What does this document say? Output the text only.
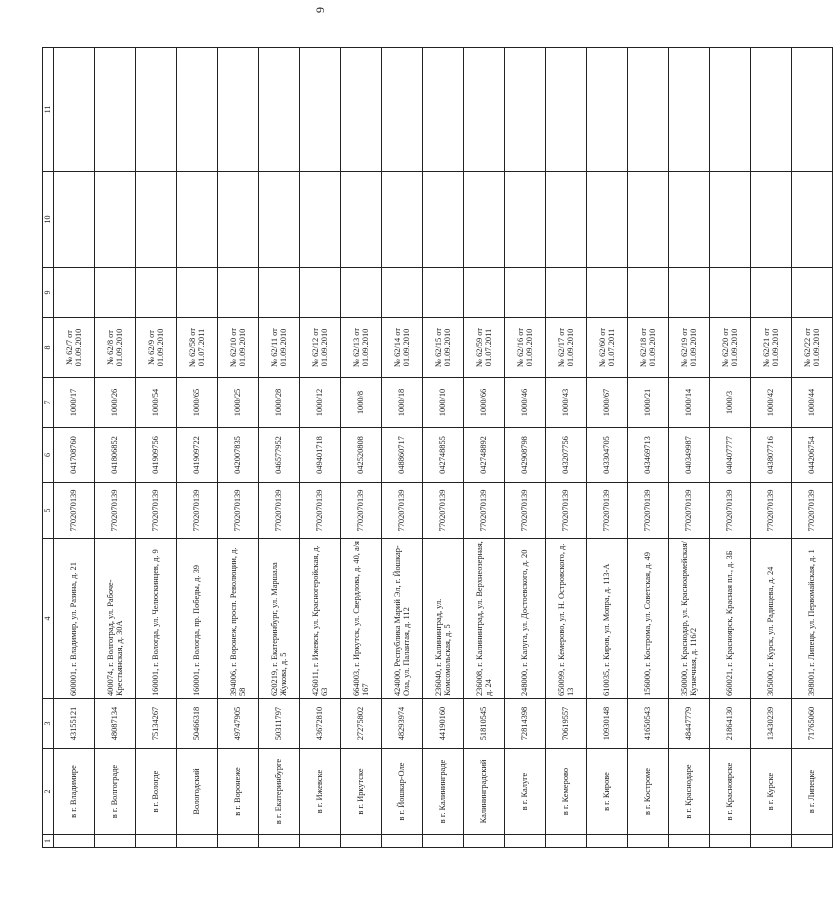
9
1	2	3	4	5	6	7	8	9	10	11
	в г. Владимире	43155121	600001, г. Владимир, ул. Разина, д. 21	7702070139	041708760	1000/17	№ 62/7 от 01.09.2010			
	в г. Волгограде	48087134	400074, г. Волгоград, ул. Рабоче-Крестьянская, д. 30А	7702070139	041806852	1000/26	№ 62/8 от 01.09.2010			
	в г. Вологде	75134267	160001, г. Вологда, ул. Челюскинцев, д. 9	7702070139	041909756	1000/54	№ 62/9 от 01.09.2010			
	Вологодский	50466318	160001, г. Вологда, пр. Победы, д. 39	7702070139	041909722	1000/65	№ 62/58 от 01.07.2011			
	в г. Воронеже	49747905	394006, г. Воронеж, просп. Революции, д. 58	7702070139	042007835	1000/25	№ 62/10 от 01.09.2010			
	в г. Екатеринбурге	50311797	620219, г. Екатеринбург, ул. Маршала Жукова, д. 5	7702070139	046577952	1000/28	№ 62/11 от 01.09.2010			
	в г. Ижевске	43672810	426011, г. Ижевск, ул. Красногеройская, д. 63	7702070139	049401718	1000/12	№ 62/12 от 01.09.2010			
	в г. Иркутске	27275802	664003, г. Иркутск, ул. Свердлова, д. 40, а/я 167	7702070139	042520808	1000/8	№ 62/13 от 01.09.2010			
	в г. Йошкар-Оле	48293974	424000, Республика Марий Эл, г. Йошкар-Ола, ул. Палантая, д. 112	7702070139	048860717	1000/18	№ 62/14 от 01.09.2010			
	в г. Калининграде	44190160	236040, г. Калининград, ул. Комсомольская, д. 5	7702070139	042748855	1000/10	№ 62/15 от 01.09.2010			
	Калининградский	51810545	236008, г. Калининград, ул. Верхнеозерная, д. 24	7702070139	042748892	1000/66	№ 62/59 от 01.07.2011			
	в г. Калуге	72814398	248000, г. Калуга, ул. Достоевского, д. 20	7702070139	042908798	1000/46	№ 62/16 от 01.09.2010			
	в г. Кемерово	70619557	650099, г. Кемерово, ул. Н. Островского, д. 13	7702070139	043207756	1000/43	№ 62/17 от 01.09.2010			
	в г. Кирове	10930148	610035, г. Киров, ул. Мопра, д. 113-А	7702070139	043304705	1000/67	№ 62/60 от 01.07.2011			
	в г. Костроме	41650543	156000, г. Кострома, ул. Советская, д. 49	7702070139	043469713	1000/21	№ 62/18 от 01.09.2010			
	в г. Краснодаре	48447779	350000, г. Краснодар, ул. Красноармейская/Кузнечная, д. 116/2	7702070139	040349987	1000/14	№ 62/19 от 01.09.2010			
	в г. Красноярске	21864130	660021, г. Красноярск, Красная пл., д. 3Б	7702070139	040407777	1000/3	№ 62/20 от 01.09.2010			
	в г. Курске	13430239	305000, г. Курск, ул. Радищева, д. 24	7702070139	043807716	1000/42	№ 62/21 от 01.09.2010			
	в г. Липецке	71765060	398001, г. Липецк, ул. Первомайская, д. 1	7702070139	044206754	1000/44	№ 62/22 от 01.09.2010			
